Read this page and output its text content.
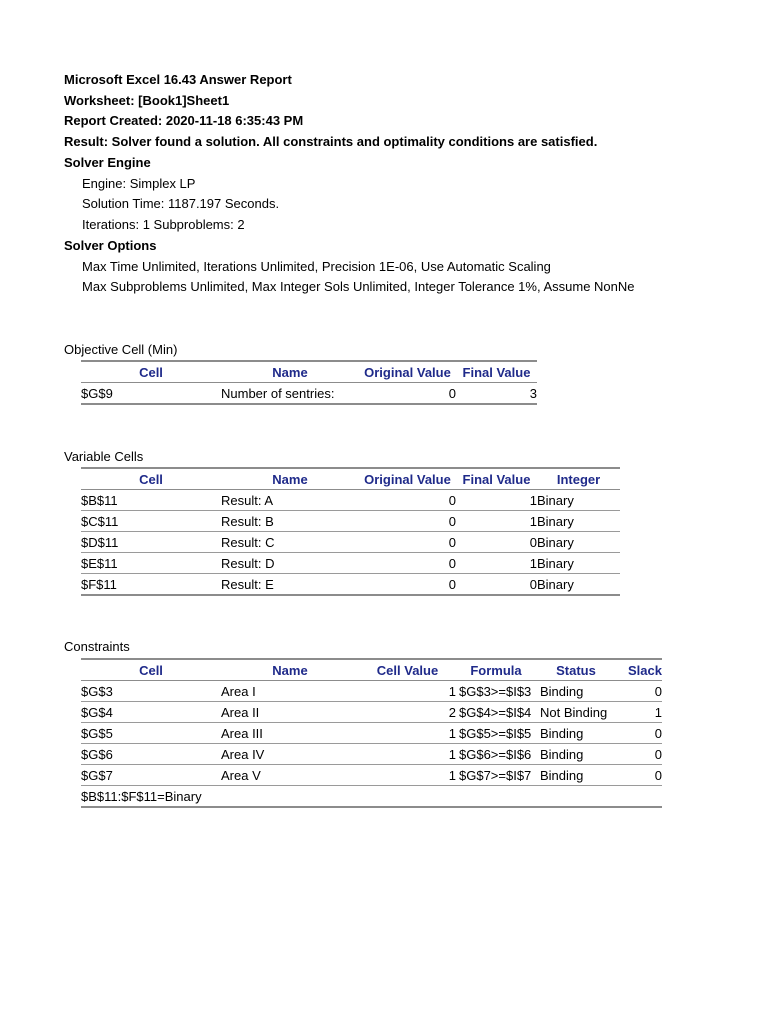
Microsoft Excel 16.43 Answer Report
Worksheet: [Book1]Sheet1
Report Created: 2020-11-18 6:35:43 PM
Result: Solver found a solution. All constraints and optimality conditions are satisfied.
Solver Engine
Engine: Simplex LP
Solution Time: 1187.197 Seconds.
Iterations: 1 Subproblems: 2
Solver Options
Max Time Unlimited, Iterations Unlimited, Precision 1E-06, Use Automatic Scaling
Max Subproblems Unlimited, Max Integer Sols Unlimited, Integer Tolerance 1%, Assume NonNe
Objective Cell (Min)
Cell	Name	Original Value	Final Value
$G$9	Number of sentries:	0	3
Variable Cells
Cell	Name	Original Value	Final Value	Integer
$B$11	Result: A	0	1	Binary
$C$11	Result: B	0	1	Binary
$D$11	Result: C	0	0	Binary
$E$11	Result: D	0	1	Binary
$F$11	Result: E	0	0	Binary
Constraints
Cell	Name	Cell Value	Formula	Status	Slack
$G$3	Area I	1	$G$3>=$I$3	Binding	0
$G$4	Area II	2	$G$4>=$I$4	Not Binding	1
$G$5	Area III	1	$G$5>=$I$5	Binding	0
$G$6	Area IV	1	$G$6>=$I$6	Binding	0
$G$7	Area V	1	$G$7>=$I$7	Binding	0
$B$11:$F$11=Binary					
